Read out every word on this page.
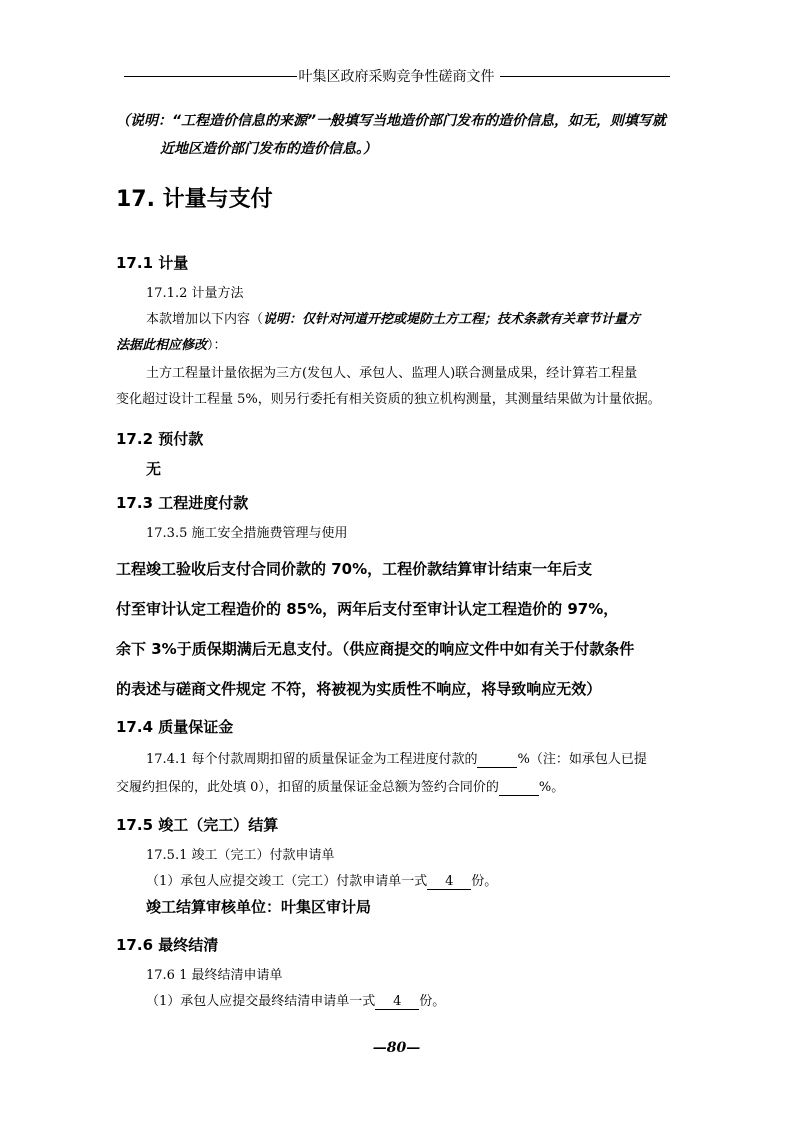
叶集区政府采购竞争性磋商文件
（说明：“工程造价信息的来源”一般填写当地造价部门发布的造价信息，如无，则填写就
近地区造价部门发布的造价信息。）
17. 计量与支付
17.1 计量
17.1.2 计量方法
本款增加以下内容（说明：仅针对河道开挖或堤防土方工程；技术条款有关章节计量方
法据此相应修改）：
土方工程量计量依据为三方(发包人、承包人、监理人)联合测量成果，经计算若工程量
变化超过设计工程量 5%，则另行委托有相关资质的独立机构测量，其测量结果做为计量依据。
17.2 预付款
无
17.3 工程进度付款
17.3.5 施工安全措施费管理与使用
工程竣工验收后支付合同价款的 70%，工程价款结算审计结束一年后支
付至审计认定工程造价的 85%，两年后支付至审计认定工程造价的 97%，
余下 3%于质保期满后无息支付。（供应商提交的响应文件中如有关于付款条件
的表述与磋商文件规定 不符，将被视为实质性不响应，将导致响应无效）
17.4 质量保证金
17.4.1 每个付款周期扣留的质量保证金为工程进度付款的	%（注：如承包人已提
交履约担保的，此处填 0），扣留的质量保证金总额为签约合同价的	%。
17.5 竣工（完工）结算
17.5.1 竣工（完工）付款申请单
（1）承包人应提交竣工（完工）付款申请单一式 4 份。
竣工结算审核单位：叶集区审计局
17.6 最终结清
17.6 1 最终结清申请单
（1）承包人应提交最终结清申请单一式 4 份。
—80—
